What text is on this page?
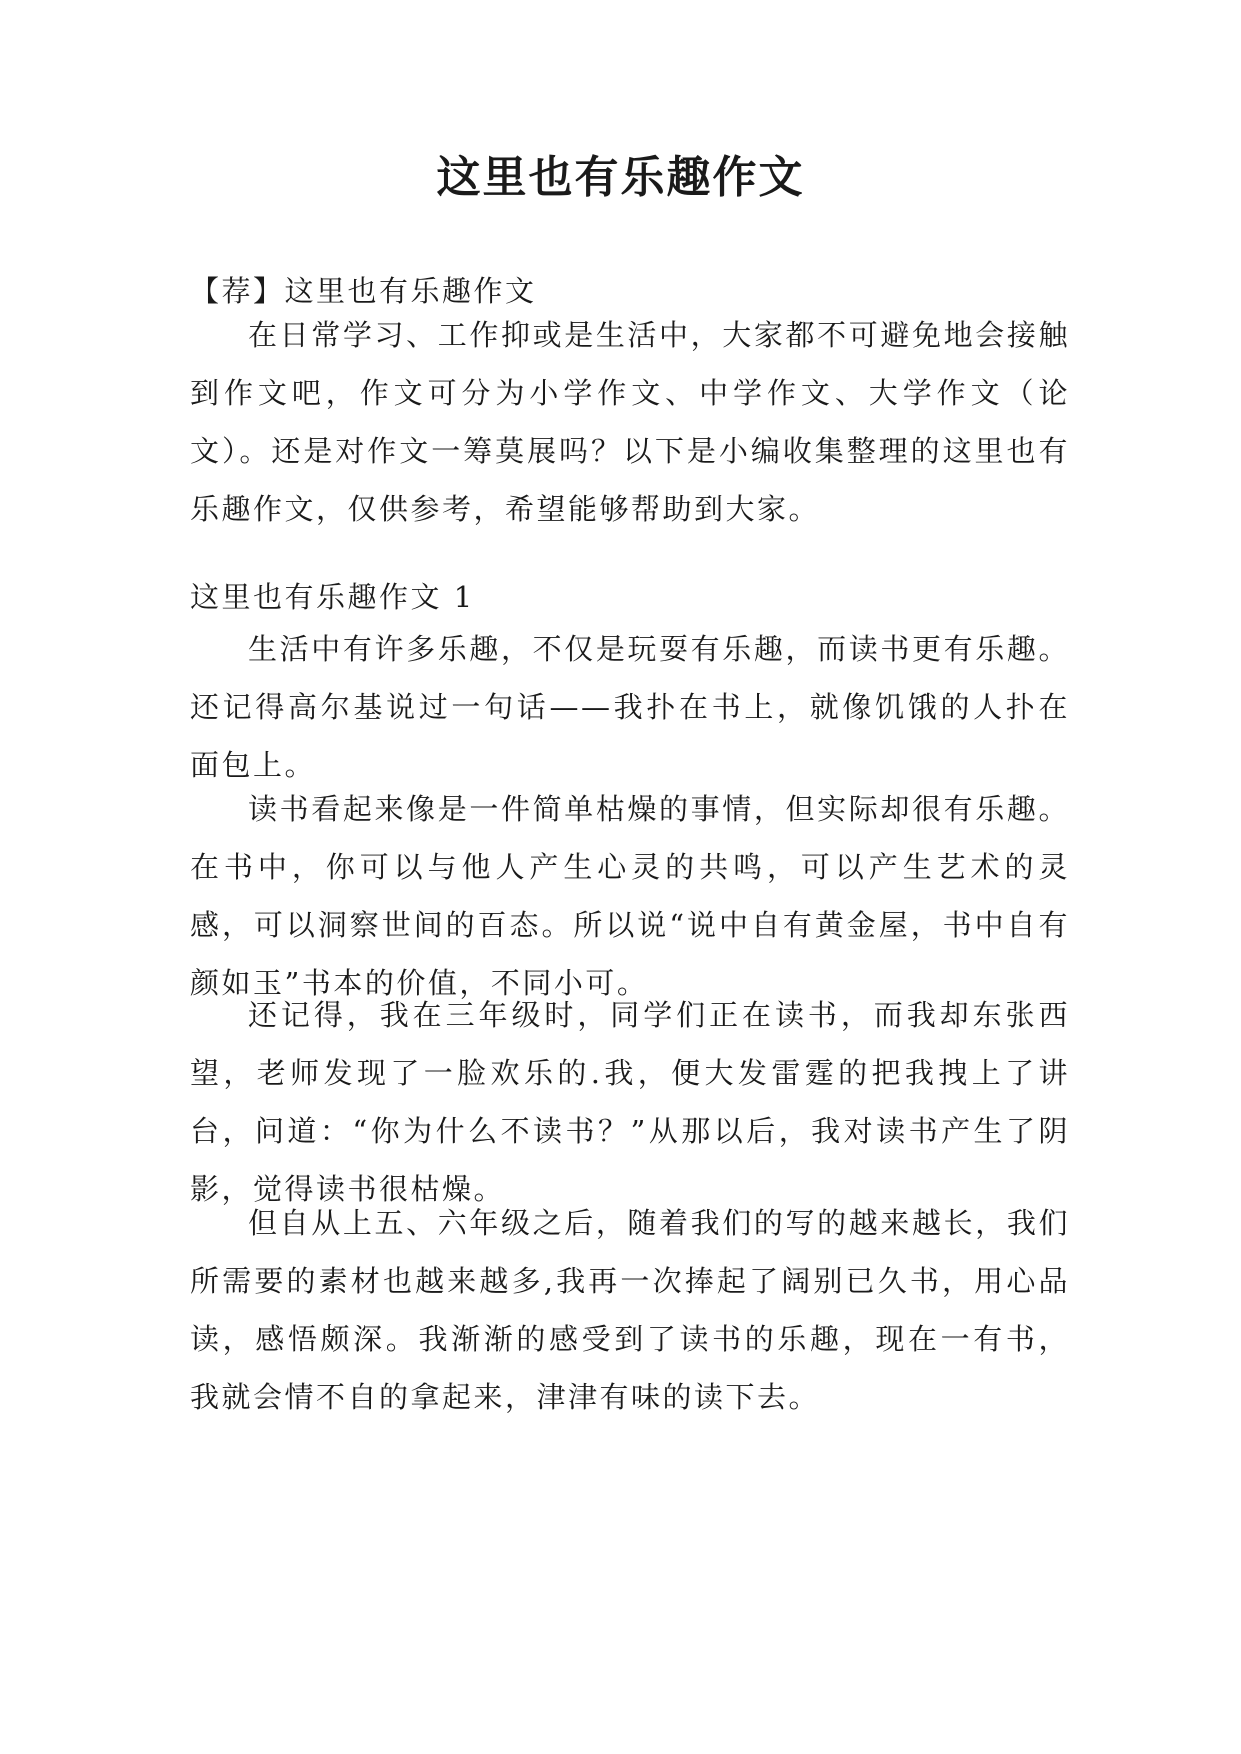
这里也有乐趣作文

【荐】这里也有乐趣作文

在日常学习、工作抑或是生活中，大家都不可避免地会接触到作文吧，作文可分为小学作文、中学作文、大学作文（论文）。还是对作文一筹莫展吗？以下是小编收集整理的这里也有乐趣作文，仅供参考，希望能够帮助到大家。

这里也有乐趣作文 1

生活中有许多乐趣，不仅是玩耍有乐趣，而读书更有乐趣。还记得高尔基说过一句话——我扑在书上，就像饥饿的人扑在面包上。

读书看起来像是一件简单枯燥的事情，但实际却很有乐趣。在书中，你可以与他人产生心灵的共鸣，可以产生艺术的灵感，可以洞察世间的百态。所以说“说中自有黄金屋，书中自有颜如玉”书本的价值，不同小可。

还记得，我在三年级时，同学们正在读书，而我却东张西望，老师发现了一脸欢乐的.我，便大发雷霆的把我拽上了讲台，问道：“你为什么不读书？”从那以后，我对读书产生了阴影，觉得读书很枯燥。

但自从上五、六年级之后，随着我们的写的越来越长，我们所需要的素材也越来越多,我再一次捧起了阔别已久书，用心品读，感悟颇深。我渐渐的感受到了读书的乐趣，现在一有书，我就会情不自的拿起来，津津有味的读下去。
